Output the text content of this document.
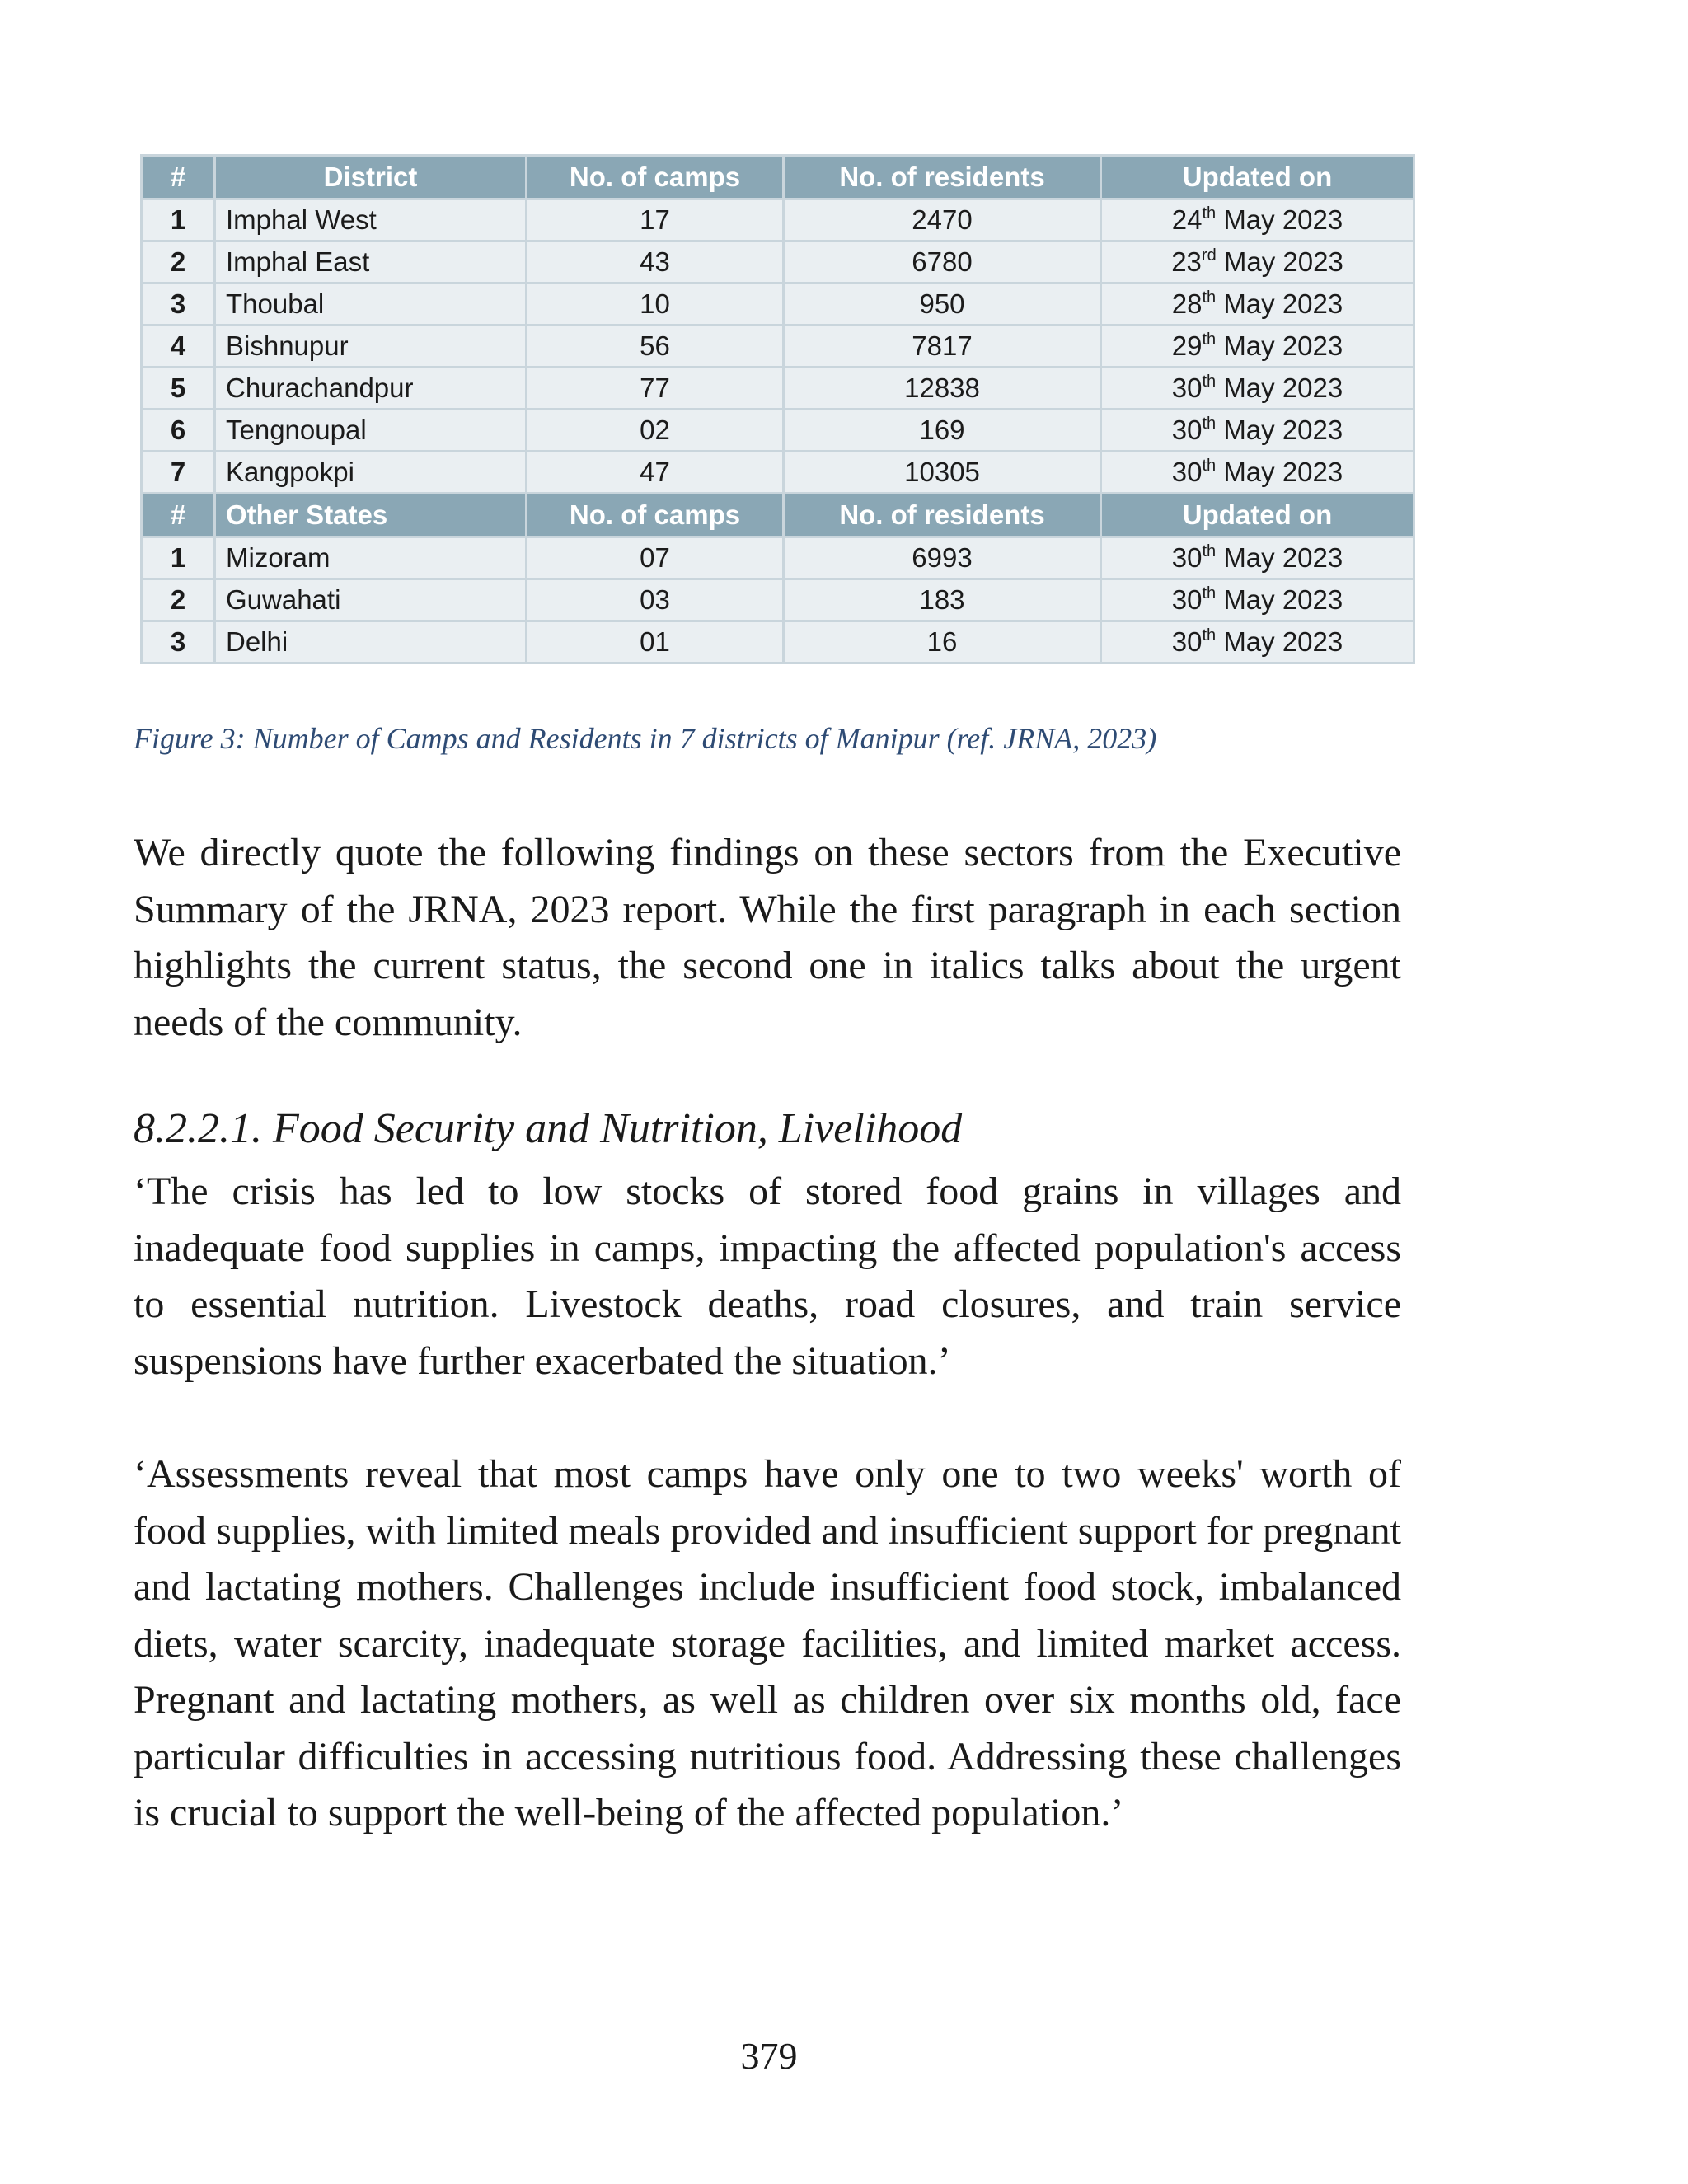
#	District	No. of camps	No. of residents	Updated on
1	Imphal West	17	2470	24th May 2023
2	Imphal East	43	6780	23rd May 2023
3	Thoubal	10	950	28th May 2023
4	Bishnupur	56	7817	29th May 2023
5	Churachandpur	77	12838	30th May 2023
6	Tengnoupal	02	169	30th May 2023
7	Kangpokpi	47	10305	30th May 2023
#	Other States	No. of camps	No. of residents	Updated on
1	Mizoram	07	6993	30th May 2023
2	Guwahati	03	183	30th May 2023
3	Delhi	01	16	30th May 2023
Figure 3: Number of Camps and Residents in 7 districts of Manipur (ref. JRNA, 2023)

We directly quote the following findings on these sectors from the Executive Summary of the JRNA, 2023 report. While the first paragraph in each section highlights the current status, the second one in italics talks about the urgent needs of the community.

8.2.2.1. Food Security and Nutrition, Livelihood

‘The crisis has led to low stocks of stored food grains in villages and inadequate food supplies in camps, impacting the affected population's access to essential nutrition. Livestock deaths, road closures, and train service suspensions have further exacerbated the situation.’

‘Assessments reveal that most camps have only one to two weeks' worth of food supplies, with limited meals provided and insufficient support for pregnant and lactating mothers. Challenges include insufficient food stock, imbalanced diets, water scarcity, inadequate storage facilities, and limited market access. Pregnant and lactating mothers, as well as children over six months old, face particular difficulties in accessing nutritious food. Addressing these challenges is crucial to support the well-being of the affected population.’

379
